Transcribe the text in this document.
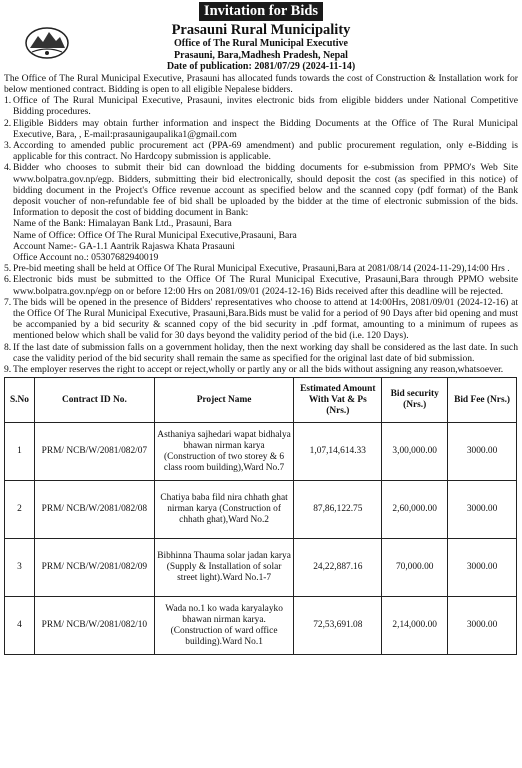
Invitation for Bids
Prasauni Rural Municipality
Office of The Rural Municipal Executive
Prasauni, Bara,Madhesh Pradesh, Nepal
Date of publication: 2081/07/29 (2024-11-14)

The Office of The Rural Municipal Executive, Prasauni has allocated funds towards the cost of Construction & Installation work for below mentioned contract. Bidding is open to all eligible Nepalese bidders.

1. Office of The Rural Municipal Executive, Prasauni, invites electronic bids from eligible bidders under National Competitive Bidding procedures.
2. Eligible Bidders may obtain further information and inspect the Bidding Documents at the Office of The Rural Municipal Executive, Bara, , E-mail:prasaunigaupalika1@gmail.com
3. According to amended public procurement act (PPA-69 amendment) and public procurement regulation, only e-Bidding is applicable for this contract. No Hardcopy submission is applicable.
4. Bidder who chooses to submit their bid can download the bidding documents for e-submission from PPMO's Web Site www.bolpatra.gov.np/egp. Bidders, submitting their bid electronically, should deposit the cost (as specified in this notice) of bidding document in the Project's Office revenue account as specified below and the scanned copy (pdf format) of the Bank deposit voucher of non-refundable fee of bid shall be uploaded by the bidder at the time of electronic submission of the bids. Information to deposit the cost of bidding document in Bank:
Name of the Bank: Himalayan Bank Ltd., Prasauni, Bara
Name of Office: Office Of The Rural Municipal Executive,Prasauni, Bara
Account Name:- GA-1.1 Aantrik Rajaswa Khata Prasauni
Office Account no.: 05307682940019
5. Pre-bid meeting shall be held at Office Of The Rural Municipal Executive, Prasauni,Bara at 2081/08/14 (2024-11-29),14:00 Hrs .
6. Electronic bids must be submitted to the Office Of The Rural Municipal Executive, Prasauni,Bara through PPMO website www.bolpatra.gov.np/egp on or before 12:00 Hrs on 2081/09/01 (2024-12-16) Bids received after this deadline will be rejected.
7. The bids will be opened in the presence of Bidders' representatives who choose to attend at 14:00Hrs, 2081/09/01 (2024-12-16) at the Office Of The Rural Municipal Executive, Prasauni,Bara.Bids must be valid for a period of 90 Days after bid opening and must be accompanied by a bid security & scanned copy of the bid security in .pdf format, amounting to a minimum of rupees as mentioned below which shall be valid for 30 days beyond the validity period of the bid (i.e. 120 Days).
8. If the last date of submission falls on a government holiday, then the next working day shall be considered as the last date. In such case the validity period of the bid security shall remain the same as specified for the original last date of bid submission.
9. The employer reserves the right to accept or reject,wholly or partly any or all the bids without assigning any reason,whatsoever.
S.No	Contract ID No.	Project Name	Estimated Amount With Vat & Ps (Nrs.)	Bid security (Nrs.)	Bid Fee (Nrs.)
1	PRM/ NCB/W/2081/082/07	Asthaniya sajhedari wapat bidhalya bhawan nirman karya (Construction of two storey & 6 class room building),Ward No.7	1,07,14,614.33	3,00,000.00	3000.00
2	PRM/ NCB/W/2081/082/08	Chatiya baba fild nira chhath ghat nirman karya (Construction of chhath ghat),Ward No.2	87,86,122.75	2,60,000.00	3000.00
3	PRM/ NCB/W/2081/082/09	Bibhinna Thauma solar jadan karya (Supply & Installation of solar street light).Ward No.1-7	24,22,887.16	70,000.00	3000.00
4	PRM/ NCB/W/2081/082/10	Wada no.1 ko wada karyalayko bhawan nirman karya. (Construction of ward office building).Ward No.1	72,53,691.08	2,14,000.00	3000.00
